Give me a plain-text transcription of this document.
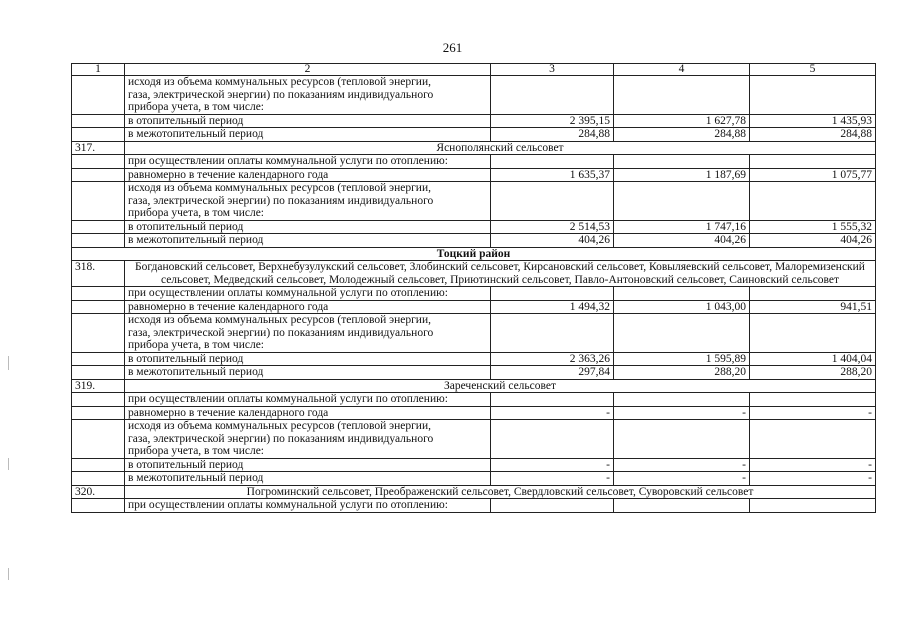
261
1	2	3	4	5
	исходя из объема коммунальных ресурсов (тепловой энергии,
газа, электрической энергии) по показаниям индивидуального
прибора учета, в том числе:			
	в отопительный период	2 395,15	1 627,78	1 435,93
	в межотопительный период	284,88	284,88	284,88
317.	Яснополянский сельсовет			
	при осуществлении оплаты коммунальной услуги по отоплению:			
	равномерно в течение календарного года	1 635,37	1 187,69	1 075,77
	исходя из объема коммунальных ресурсов (тепловой энергии,
газа, электрической энергии) по показаниям индивидуального
прибора учета, в том числе:			
	в отопительный период	2 514,53	1 747,16	1 555,32
	в межотопительный период	404,26	404,26	404,26
Тоцкий район				
318.	Богдановский сельсовет, Верхнебузулукский сельсовет, Злобинский сельсовет, Кирсановский сельсовет, Ковыляевский сельсовет, Малоремизенский сельсовет, Медведский сельсовет, Молодежный сельсовет, Приютинский сельсовет, Павло-Антоновский сельсовет, Саиновский сельсовет			
	при осуществлении оплаты коммунальной услуги по отоплению:			
	равномерно в течение календарного года	1 494,32	1 043,00	941,51
	исходя из объема коммунальных ресурсов (тепловой энергии,
газа, электрической энергии) по показаниям индивидуального
прибора учета, в том числе:			
	в отопительный период	2 363,26	1 595,89	1 404,04
	в межотопительный период	297,84	288,20	288,20
319.	Зареченский сельсовет			
	при осуществлении оплаты коммунальной услуги по отоплению:			
	равномерно в течение календарного года	-	-	-
	исходя из объема коммунальных ресурсов (тепловой энергии,
газа, электрической энергии) по показаниям индивидуального
прибора учета, в том числе:			
	в отопительный период	-	-	-
	в межотопительный период	-	-	-
320.	Погроминский сельсовет, Преображенский сельсовет, Свердловский сельсовет, Суворовский сельсовет			
	при осуществлении оплаты коммунальной услуги по отоплению:			
